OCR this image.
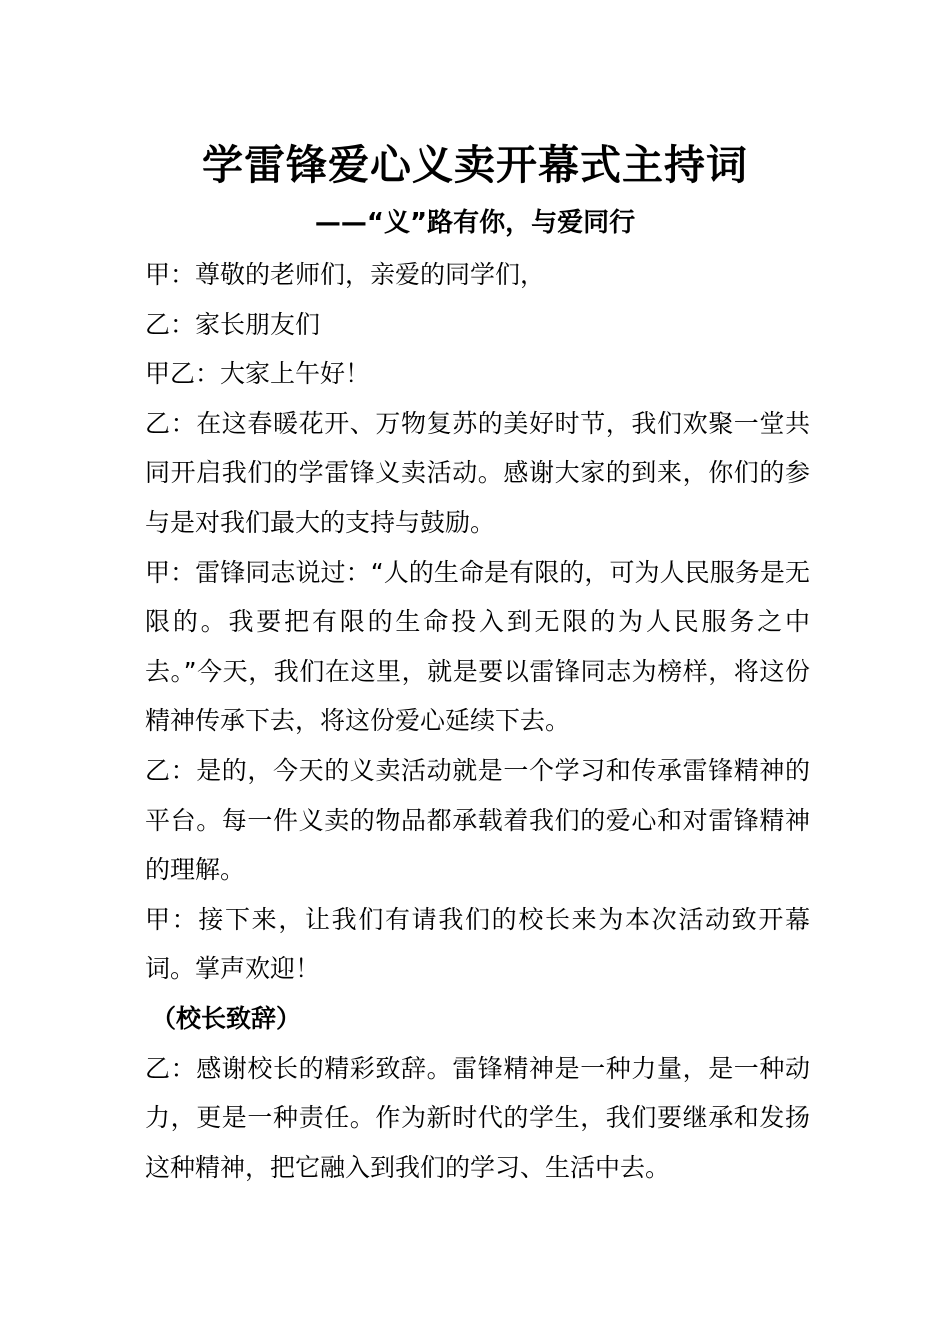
学雷锋爱心义卖开幕式主持词
——“义”路有你，与爱同行

甲：尊敬的老师们，亲爱的同学们，

乙：家长朋友们

甲乙：大家上午好！

乙：在这春暖花开、万物复苏的美好时节，我们欢聚一堂共同开启我们的学雷锋义卖活动。感谢大家的到来，你们的参与是对我们最大的支持与鼓励。

甲：雷锋同志说过：“人的生命是有限的，可为人民服务是无限的。我要把有限的生命投入到无限的为人民服务之中去。”今天，我们在这里，就是要以雷锋同志为榜样，将这份精神传承下去，将这份爱心延续下去。

乙：是的，今天的义卖活动就是一个学习和传承雷锋精神的平台。每一件义卖的物品都承载着我们的爱心和对雷锋精神的理解。

甲：接下来，让我们有请我们的校长来为本次活动致开幕词。掌声欢迎！

（校长致辞）

乙：感谢校长的精彩致辞。雷锋精神是一种力量，是一种动力，更是一种责任。作为新时代的学生，我们要继承和发扬这种精神，把它融入到我们的学习、生活中去。
